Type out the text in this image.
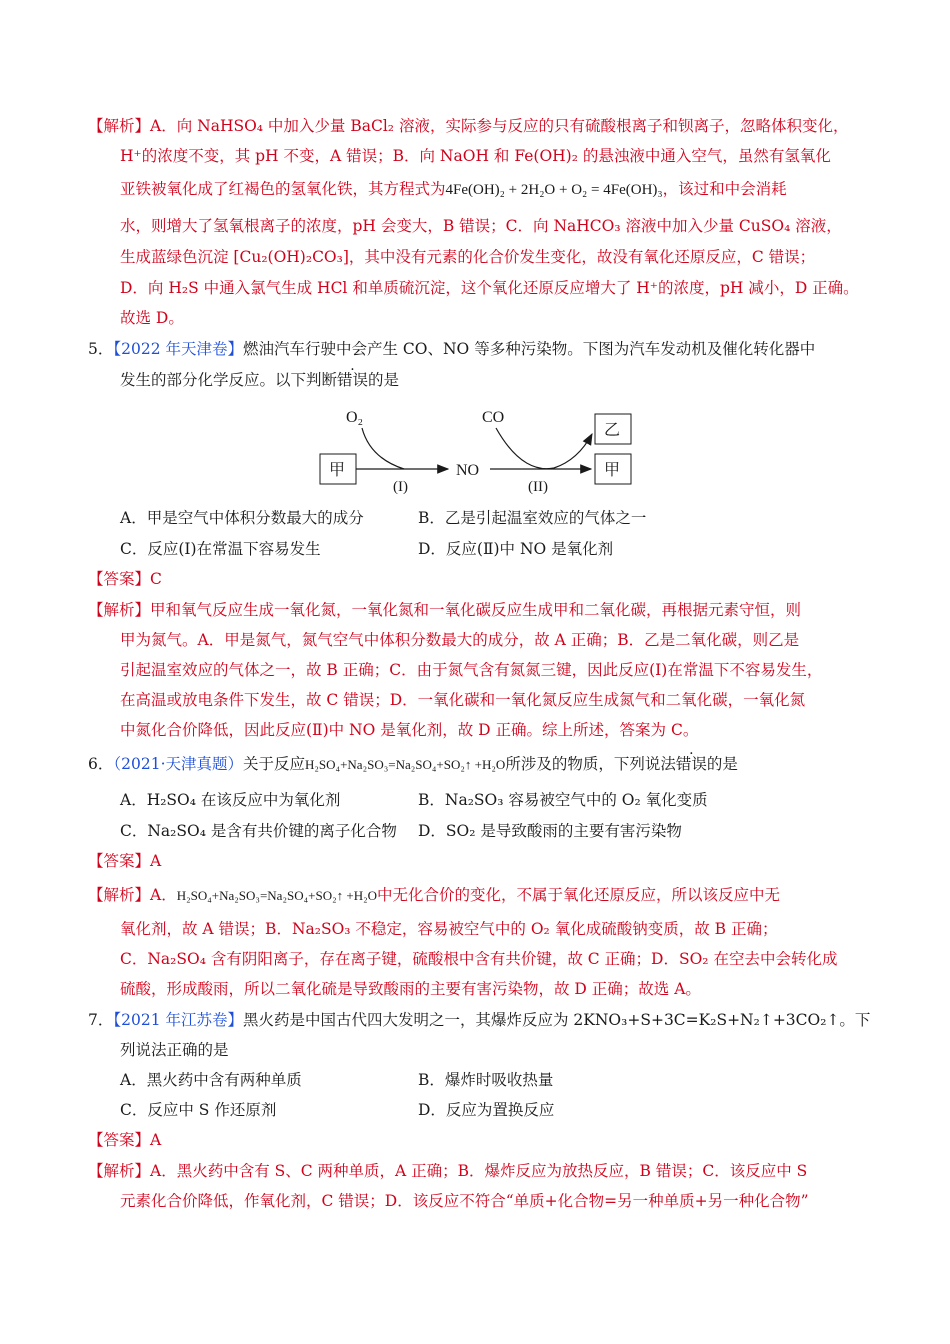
【解析】A．向 NaHSO₄ 中加入少量 BaCl₂ 溶液，实际参与反应的只有硫酸根离子和钡离子，忽略体积变化，
H⁺的浓度不变，其 pH 不变，A 错误；B．向 NaOH 和 Fe(OH)₂ 的悬浊液中通入空气，虽然有氢氧化
亚铁被氧化成了红褐色的氢氧化铁，其方程式为4Fe(OH)₂ + 2H₂O + O₂ = 4Fe(OH)₃，该过和中会消耗
水，则增大了氢氧根离子的浓度，pH 会变大，B 错误；C．向 NaHCO₃ 溶液中加入少量 CuSO₄ 溶液，
生成蓝绿色沉淀 [Cu₂(OH)₂CO₃]，其中没有元素的化合价发生变化，故没有氧化还原反应，C 错误；
D．向 H₂S 中通入氯气生成 HCl 和单质硫沉淀，这个氧化还原反应增大了 H⁺的浓度，pH 减小，D 正确。
故选 D。
5．【2022 年天津卷】燃油汽车行驶中会产生 CO、NO 等多种污染物。下图为汽车发动机及催化转化器中
发生的部分化学反应。以下判断错误的是
O₂	CO
甲
(I)
NO
(II)
乙
甲
A．甲是空气中体积分数最大的成分	B．乙是引起温室效应的气体之一
C．反应(Ⅰ)在常温下容易发生	D．反应(Ⅱ)中 NO 是氧化剂
【答案】C
【解析】甲和氧气反应生成一氧化氮，一氧化氮和一氧化碳反应生成甲和二氧化碳，再根据元素守恒，则
甲为氮气。A．甲是氮气，氮气空气中体积分数最大的成分，故 A 正确；B．乙是二氧化碳，则乙是
引起温室效应的气体之一，故 B 正确；C．由于氮气含有氮氮三键，因此反应(Ⅰ)在常温下不容易发生，
在高温或放电条件下发生，故 C 错误；D．一氧化碳和一氧化氮反应生成氮气和二氧化碳，一氧化氮
中氮化合价降低，因此反应(Ⅱ)中 NO 是氧化剂，故 D 正确。综上所述，答案为 C。
6．（2021·天津真题）关于反应H₂SO₄+Na₂SO₃=Na₂SO₄+SO₂↑ +H₂O所涉及的物质，下列说法错误的是
A．H₂SO₄ 在该反应中为氧化剂	B．Na₂SO₃ 容易被空气中的 O₂ 氧化变质
C．Na₂SO₄ 是含有共价键的离子化合物 D．SO₂ 是导致酸雨的主要有害污染物
【答案】A
【解析】A．H₂SO₄+Na₂SO₃=Na₂SO₄+SO₂↑ +H₂O中无化合价的变化，不属于氧化还原反应，所以该反应中无
氧化剂，故 A 错误；B．Na₂SO₃ 不稳定，容易被空气中的 O₂ 氧化成硫酸钠变质，故 B 正确；
C．Na₂SO₄ 含有阴阳离子，存在离子键，硫酸根中含有共价键，故 C 正确；D．SO₂ 在空去中会转化成
硫酸，形成酸雨，所以二氧化硫是导致酸雨的主要有害污染物，故 D 正确；故选 A。
7．【2021 年江苏卷】黑火药是中国古代四大发明之一，其爆炸反应为 2KNO₃+S+3C=K₂S+N₂↑+3CO₂↑。下
列说法正确的是
A．黑火药中含有两种单质	B．爆炸时吸收热量
C．反应中 S 作还原剂	D．反应为置换反应
【答案】A
【解析】A．黑火药中含有 S、C 两种单质，A 正确；B．爆炸反应为放热反应，B 错误；C．该反应中 S
元素化合价降低，作氧化剂，C 错误；D．该反应不符合“单质+化合物=另一种单质+另一种化合物”
